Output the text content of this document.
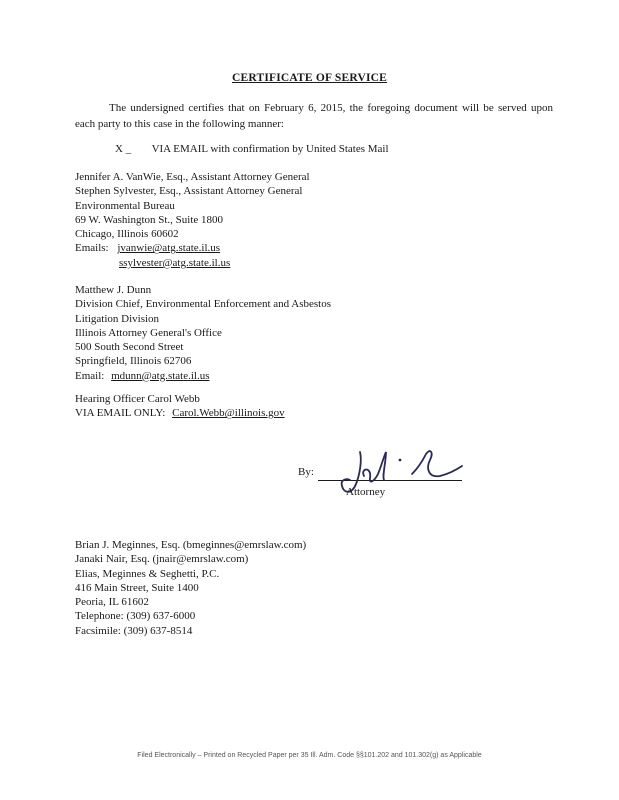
CERTIFICATE OF SERVICE
The undersigned certifies that on February 6, 2015, the foregoing document will be served upon each party to this case in the following manner:
X _ VIA EMAIL with confirmation by United States Mail
Jennifer A. VanWie, Esq., Assistant Attorney General
Stephen Sylvester, Esq., Assistant Attorney General
Environmental Bureau
69 W. Washington St., Suite 1800
Chicago, Illinois 60602
Emails: jvanwie@atg.state.il.us
ssylvester@atg.state.il.us
Matthew J. Dunn
Division Chief, Environmental Enforcement and Asbestos
Litigation Division
Illinois Attorney General's Office
500 South Second Street
Springfield, Illinois 62706
Email: mdunn@atg.state.il.us
Hearing Officer Carol Webb
VIA EMAIL ONLY: Carol.Webb@illinois.gov
By:
Attorney
Brian J. Meginnes, Esq. (bmeginnes@emrslaw.com)
Janaki Nair, Esq. (jnair@emrslaw.com)
Elias, Meginnes & Seghetti, P.C.
416 Main Street, Suite 1400
Peoria, IL 61602
Telephone: (309) 637-6000
Facsimile: (309) 637-8514
Filed Electronically – Printed on Recycled Paper per 35 Ill. Adm. Code §§101.202 and 101.302(g) as Applicable
